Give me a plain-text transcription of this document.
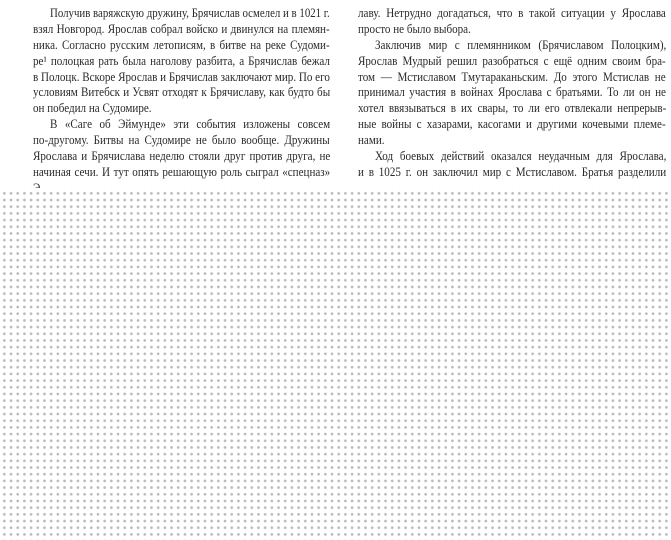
Получив варяжскую дружину, Брячислав осмелел и в 1021 г.
взял Новгород. Ярослав собрал войско и двинулся на племян-
ника. Согласно русским летописям, в битве на реке Судоми-
ре¹ полоцкая рать была наголову разбита, а Брячислав бежал
в Полоцк. Вскоре Ярослав и Брячислав заключают мир. По его
условиям Витебск и Усвят отходят к Брячиславу, как будто бы
он победил на Судомире.
В «Саге об Эймунде» эти события изложены совсем
по-другому. Битвы на Судомире не было вообще. Дружины
Ярослава и Брячислава неделю стояли друг против друга, не
начиная сечи. И тут опять решающую роль сыграл «спецназ»
лаву. Нетрудно догадаться, что в такой ситуации у Ярослава
просто не было выбора.
Заключив мир с племянником (Брячиславом Полоцким),
Ярослав Мудрый решил разобраться с ещё одним своим бра-
том — Мстиславом Тмутараканьским. До этого Мстислав не
принимал участия в войнах Ярослава с братьями. То ли он не
хотел ввязываться в их свары, то ли его отвлекали непрерыв-
ные войны с хазарами, касогами и другими кочевыми племе-
нами.
Ход боевых действий оказался неудачным для Ярослава,
и в 1025 г. он заключил мир с Мстиславом. Братья разделили
